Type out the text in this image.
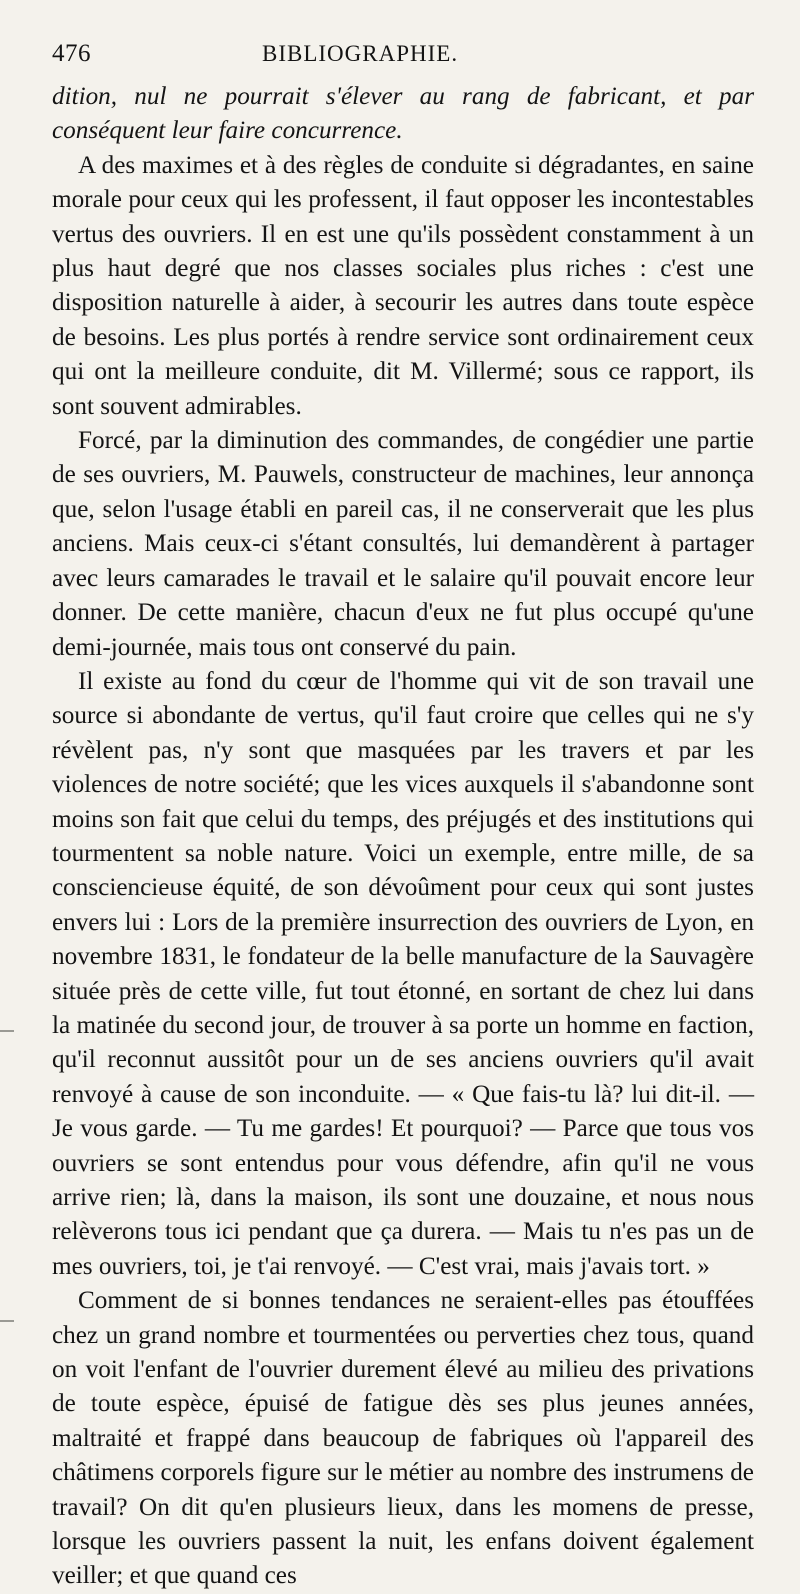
476	BIBLIOGRAPHIE.

dition, nul ne pourrait s'élever au rang de fabricant, et par conséquent leur faire concurrence.

A des maximes et à des règles de conduite si dégradantes, en saine morale pour ceux qui les professent, il faut opposer les incontestables vertus des ouvriers. Il en est une qu'ils possèdent constamment à un plus haut degré que nos classes sociales plus riches : c'est une disposition naturelle à aider, à secourir les autres dans toute espèce de besoins. Les plus portés à rendre service sont ordinairement ceux qui ont la meilleure conduite, dit M. Villermé; sous ce rapport, ils sont souvent admirables.

Forcé, par la diminution des commandes, de congédier une partie de ses ouvriers, M. Pauwels, constructeur de machines, leur annonça que, selon l'usage établi en pareil cas, il ne conserverait que les plus anciens. Mais ceux-ci s'étant consultés, lui demandèrent à partager avec leurs camarades le travail et le salaire qu'il pouvait encore leur donner. De cette manière, chacun d'eux ne fut plus occupé qu'une demi-journée, mais tous ont conservé du pain.

Il existe au fond du cœur de l'homme qui vit de son travail une source si abondante de vertus, qu'il faut croire que celles qui ne s'y révèlent pas, n'y sont que masquées par les travers et par les violences de notre société; que les vices auxquels il s'abandonne sont moins son fait que celui du temps, des préjugés et des institutions qui tourmentent sa noble nature. Voici un exemple, entre mille, de sa consciencieuse équité, de son dévoûment pour ceux qui sont justes envers lui : Lors de la première insurrection des ouvriers de Lyon, en novembre 1831, le fondateur de la belle manufacture de la Sauvagère située près de cette ville, fut tout étonné, en sortant de chez lui dans la matinée du second jour, de trouver à sa porte un homme en faction, qu'il reconnut aussitôt pour un de ses anciens ouvriers qu'il avait renvoyé à cause de son inconduite. — « Que fais-tu là? lui dit-il. — Je vous garde. — Tu me gardes! Et pourquoi? — Parce que tous vos ouvriers se sont entendus pour vous défendre, afin qu'il ne vous arrive rien; là, dans la maison, ils sont une douzaine, et nous nous relèverons tous ici pendant que ça durera. — Mais tu n'es pas un de mes ouvriers, toi, je t'ai renvoyé. — C'est vrai, mais j'avais tort. »

Comment de si bonnes tendances ne seraient-elles pas étouffées chez un grand nombre et tourmentées ou perverties chez tous, quand on voit l'enfant de l'ouvrier durement élevé au milieu des privations de toute espèce, épuisé de fatigue dès ses plus jeunes années, maltraité et frappé dans beaucoup de fabriques où l'appareil des châtimens corporels figure sur le métier au nombre des instrumens de travail? On dit qu'en plusieurs lieux, dans les momens de presse, lorsque les ouvriers passent la nuit, les enfans doivent également veiller; et que quand ces
